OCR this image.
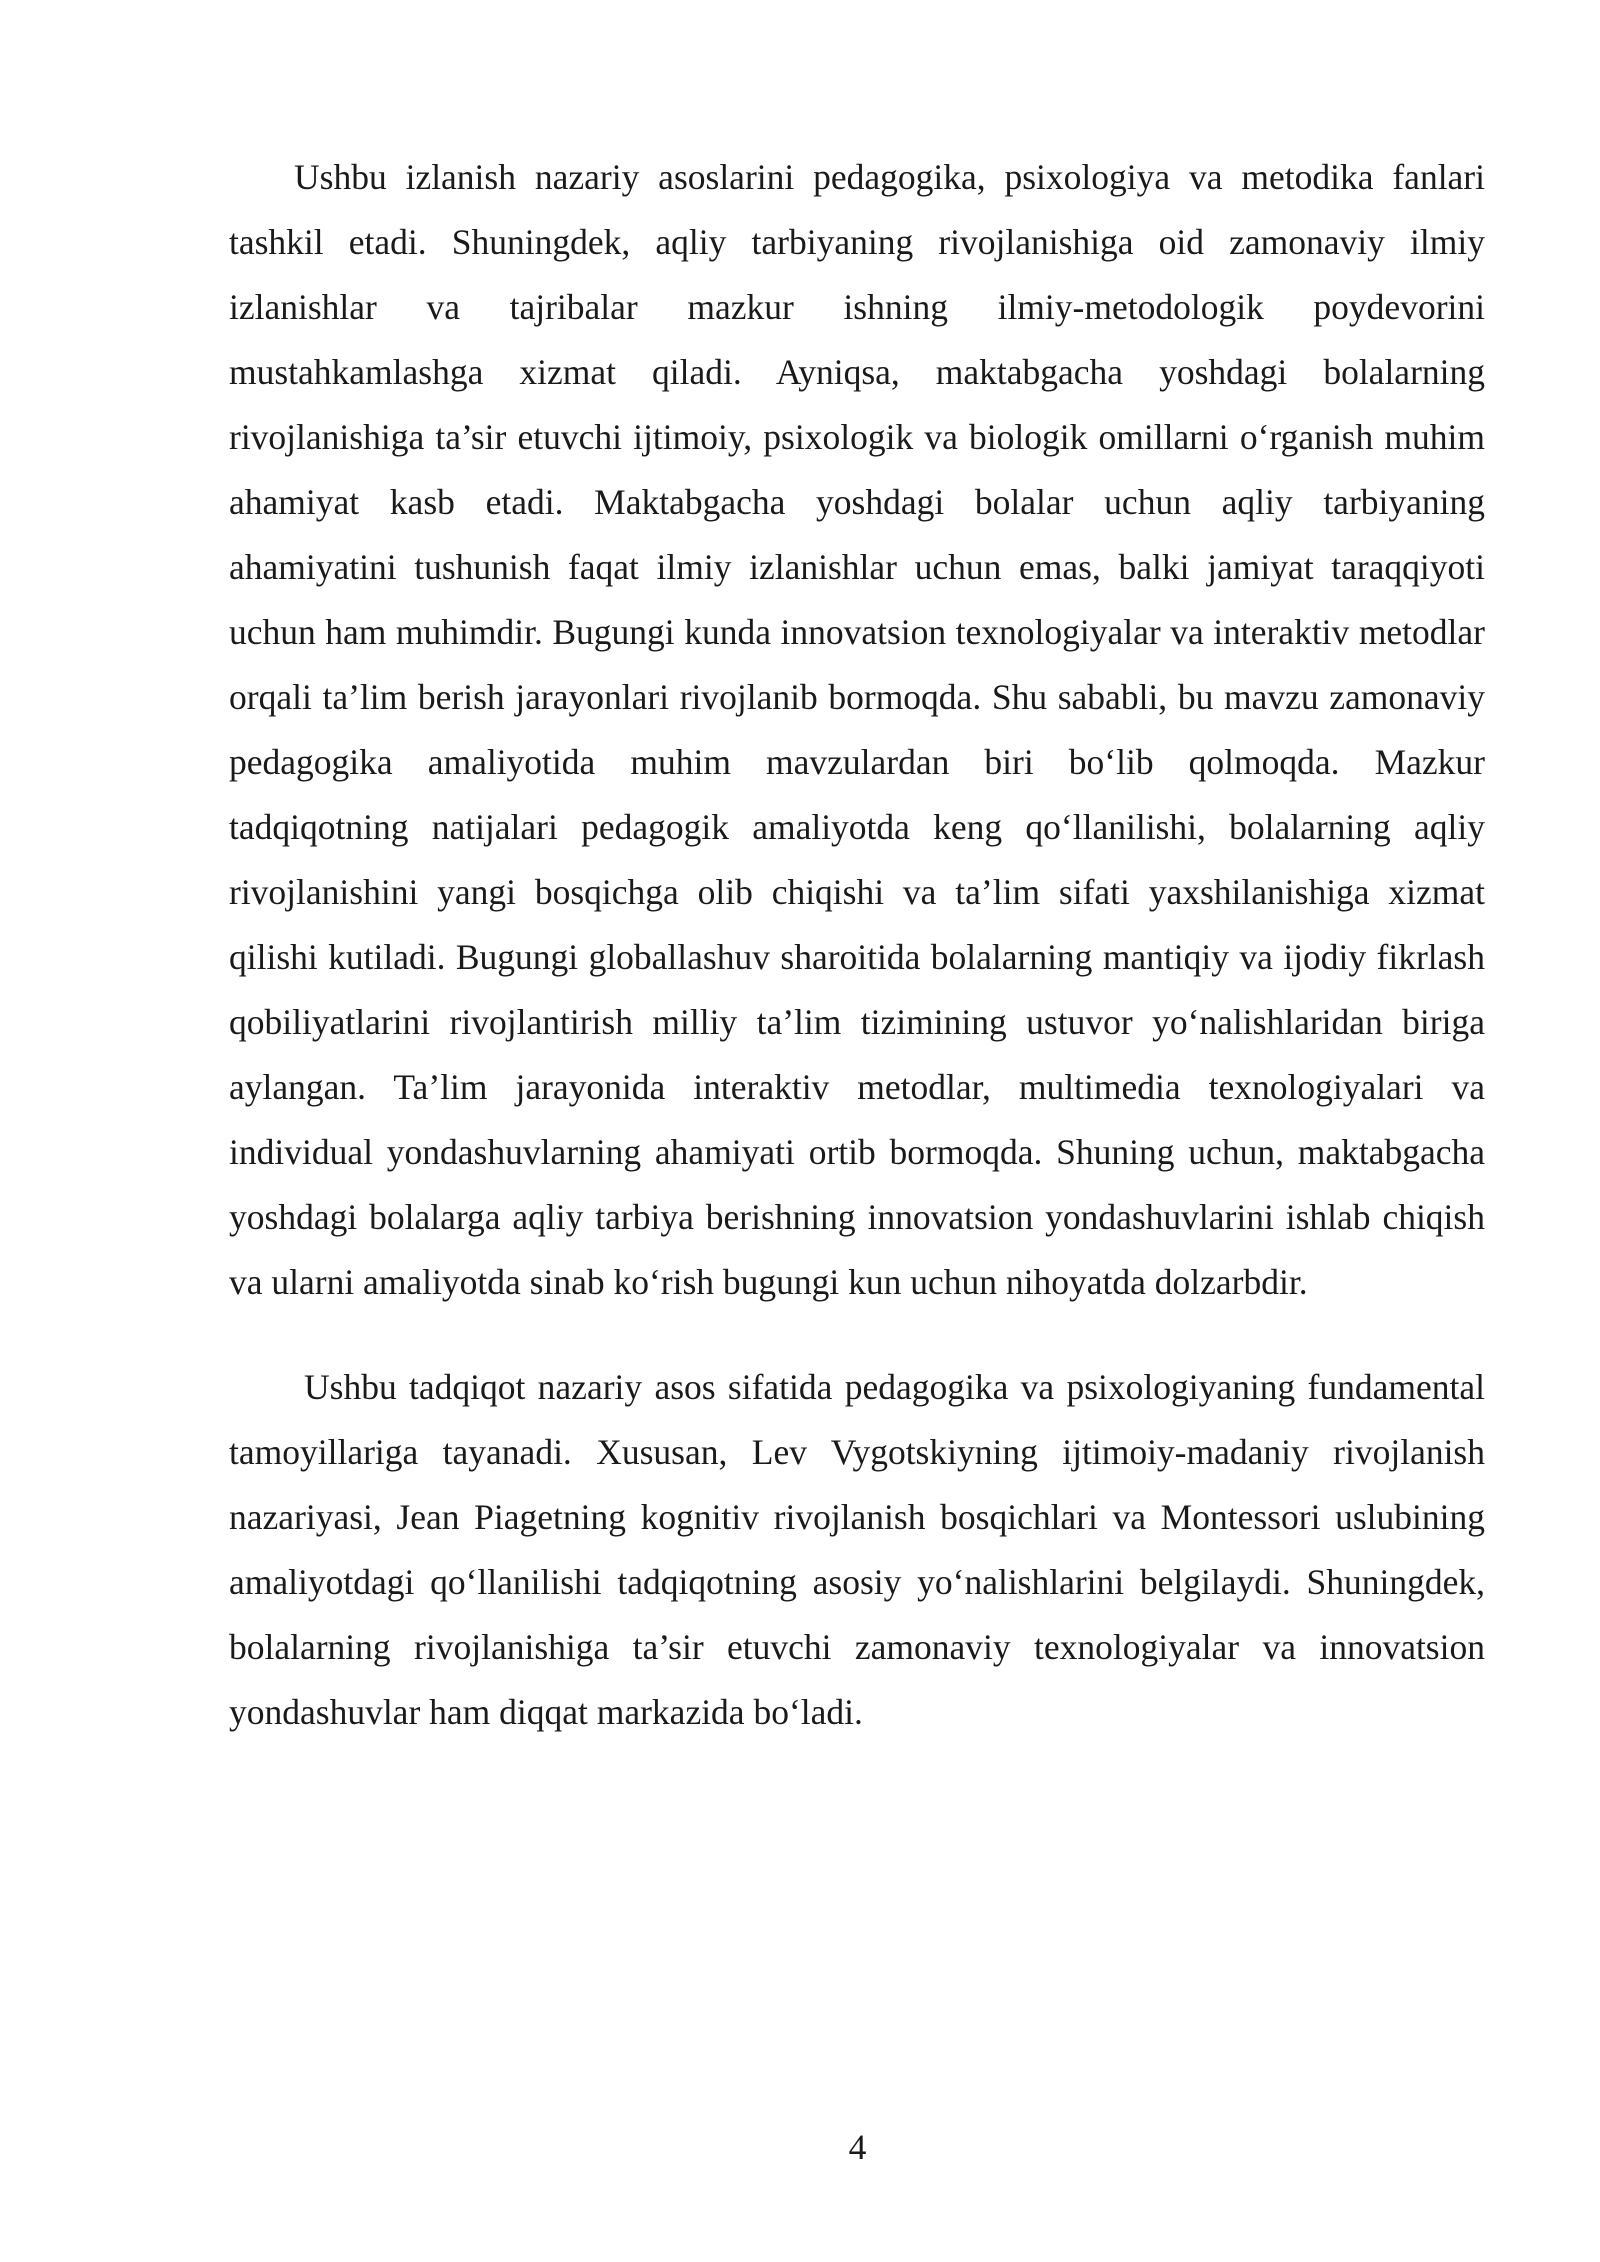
Ushbu izlanish nazariy asoslarini pedagogika, psixologiya va metodika fanlari tashkil etadi. Shuningdek, aqliy tarbiyaning rivojlanishiga oid zamonaviy ilmiy izlanishlar va tajribalar mazkur ishning ilmiy-metodologik poydevorini mustahkamlashga xizmat qiladi. Ayniqsa, maktabgacha yoshdagi bolalarning rivojlanishiga ta’sir etuvchi ijtimoiy, psixologik va biologik omillarni o‘rganish muhim ahamiyat kasb etadi. Maktabgacha yoshdagi bolalar uchun aqliy tarbiyaning ahamiyatini tushunish faqat ilmiy izlanishlar uchun emas, balki jamiyat taraqqiyoti uchun ham muhimdir. Bugungi kunda innovatsion texnologiyalar va interaktiv metodlar orqali ta’lim berish jarayonlari rivojlanib bormoqda. Shu sababli, bu mavzu zamonaviy pedagogika amaliyotida muhim mavzulardan biri bo‘lib qolmoqda. Mazkur tadqiqotning natijalari pedagogik amaliyotda keng qo‘llanilishi, bolalarning aqliy rivojlanishini yangi bosqichga olib chiqishi va ta’lim sifati yaxshilanishiga xizmat qilishi kutiladi. Bugungi globallashuv sharoitida bolalarning mantiqiy va ijodiy fikrlash qobiliyatlarini rivojlantirish milliy ta’lim tizimining ustuvor yo‘nalishlaridan biriga aylangan. Ta’lim jarayonida interaktiv metodlar, multimedia texnologiyalari va individual yondashuvlarning ahamiyati ortib bormoqda. Shuning uchun, maktabgacha yoshdagi bolalarga aqliy tarbiya berishning innovatsion yondashuvlarini ishlab chiqish va ularni amaliyotda sinab ko‘rish bugungi kun uchun nihoyatda dolzarbdir.

Ushbu tadqiqot nazariy asos sifatida pedagogika va psixologiyaning fundamental tamoyillariga tayanadi. Xususan, Lev Vygotskiyning ijtimoiy-madaniy rivojlanish nazariyasi, Jean Piagetning kognitiv rivojlanish bosqichlari va Montessori uslubining amaliyotdagi qo‘llanilishi tadqiqotning asosiy yo‘nalishlarini belgilaydi. Shuningdek, bolalarning rivojlanishiga ta’sir etuvchi zamonaviy texnologiyalar va innovatsion yondashuvlar ham diqqat markazida bo‘ladi.

4
